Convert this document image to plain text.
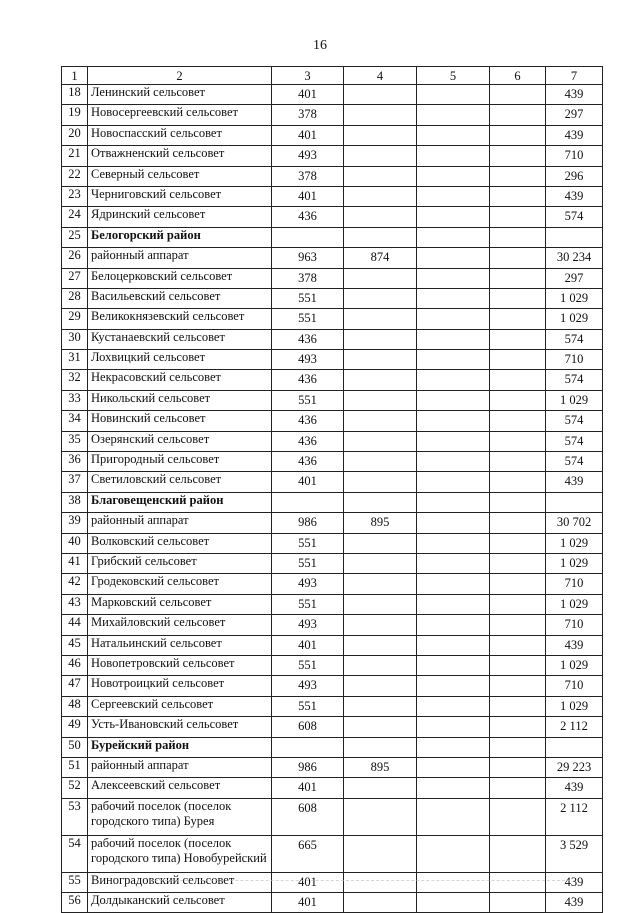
16
1	2	3	4	5	6	7
18	Ленинский сельсовет	401				439
19	Новосергеевский сельсовет	378				297
20	Новоспасский сельсовет	401				439
21	Отважненский сельсовет	493				710
22	Северный сельсовет	378				296
23	Черниговский сельсовет	401				439
24	Ядринский сельсовет	436				574
25	Белогорский район					
26	районный аппарат	963	874			30 234
27	Белоцерковский сельсовет	378				297
28	Васильевский сельсовет	551				1 029
29	Великокнязевский сельсовет	551				1 029
30	Кустанаевский сельсовет	436				574
31	Лохвицкий сельсовет	493				710
32	Некрасовский сельсовет	436				574
33	Никольский сельсовет	551				1 029
34	Новинский сельсовет	436				574
35	Озерянский сельсовет	436				574
36	Пригородный сельсовет	436				574
37	Светиловский сельсовет	401				439
38	Благовещенский район					
39	районный аппарат	986	895			30 702
40	Волковский сельсовет	551				1 029
41	Грибский сельсовет	551				1 029
42	Гродековский сельсовет	493				710
43	Марковский сельсовет	551				1 029
44	Михайловский сельсовет	493				710
45	Натальинский сельсовет	401				439
46	Новопетровский сельсовет	551				1 029
47	Новотроицкий сельсовет	493				710
48	Сергеевский сельсовет	551				1 029
49	Усть-Ивановский сельсовет	608				2 112
50	Бурейский район					
51	районный аппарат	986	895			29 223
52	Алексеевский сельсовет	401				439
53	рабочий поселок (поселок городского типа) Бурея	608				2 112
54	рабочий поселок (поселок городского типа) Новобурейский	665				3 529
55	Виноградовский сельсовет	401				439
56	Долдыканский сельсовет	401				439
